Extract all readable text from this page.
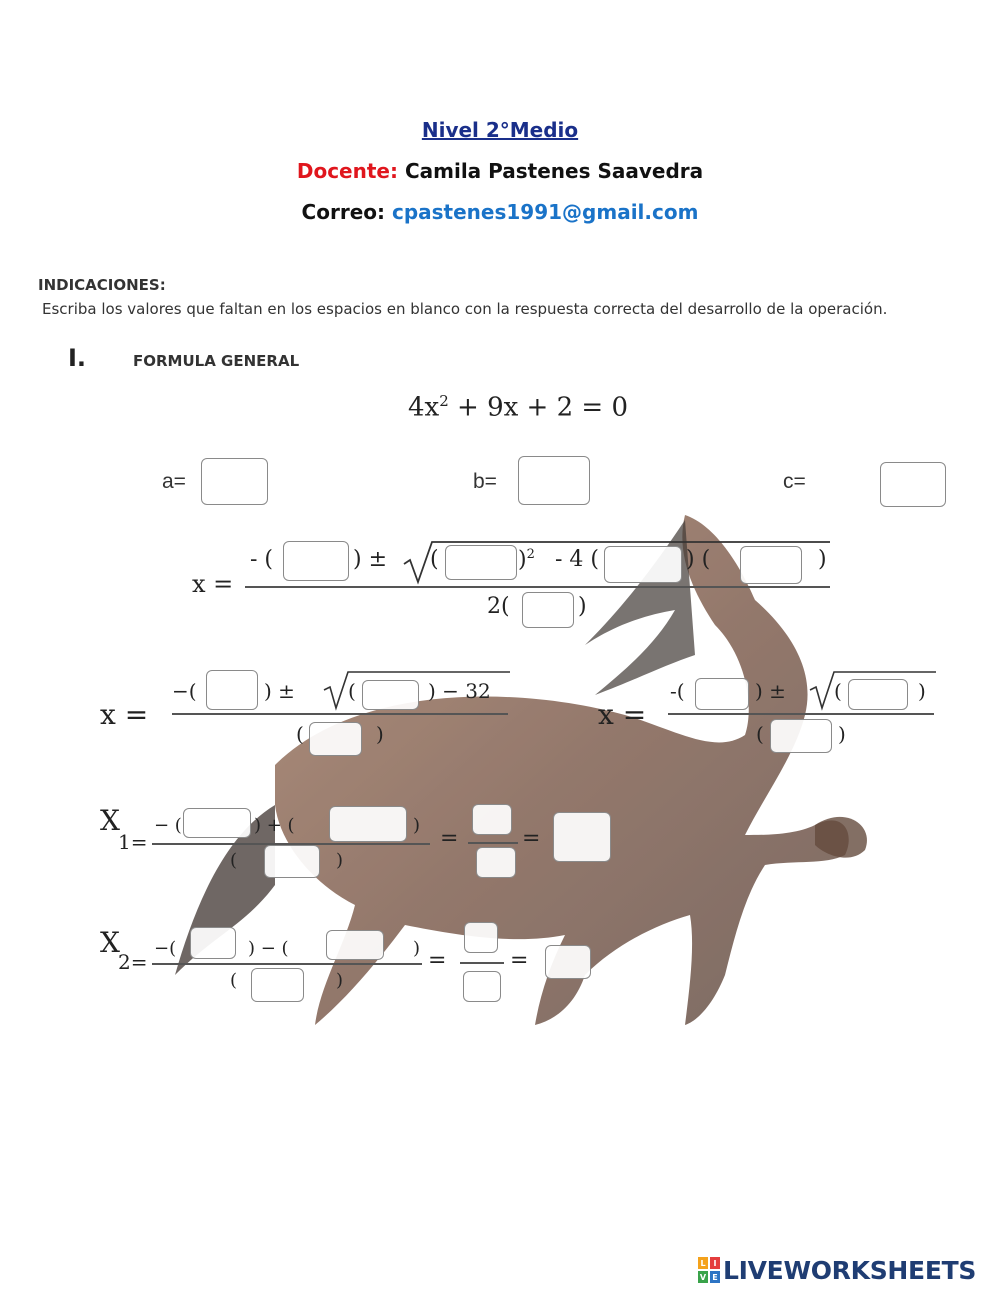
Nivel 2°Medio
Docente: Camila Pastenes Saavedra
Correo: cpastenes1991@gmail.com
INDICACIONES:
Escriba los valores que faltan en los espacios en blanco con la respuesta correcta del desarrollo de la operación.
I.	FORMULA GENERAL
$4x^2 + 9x + 2 = 0$
a=	b=	c=
x =
- (	) ± (	)$^2$ - 4 (	) (	)
2(	)
x =
−(	) ±	(	) − 32
(	)
x =
-(	) ± (	)
(	)
X
1=
− (	) + (	)
(	)
=	=
X
2=
−(	) − (	)
(	)
=	=
L I
V E LIVEWORKSHEETS
